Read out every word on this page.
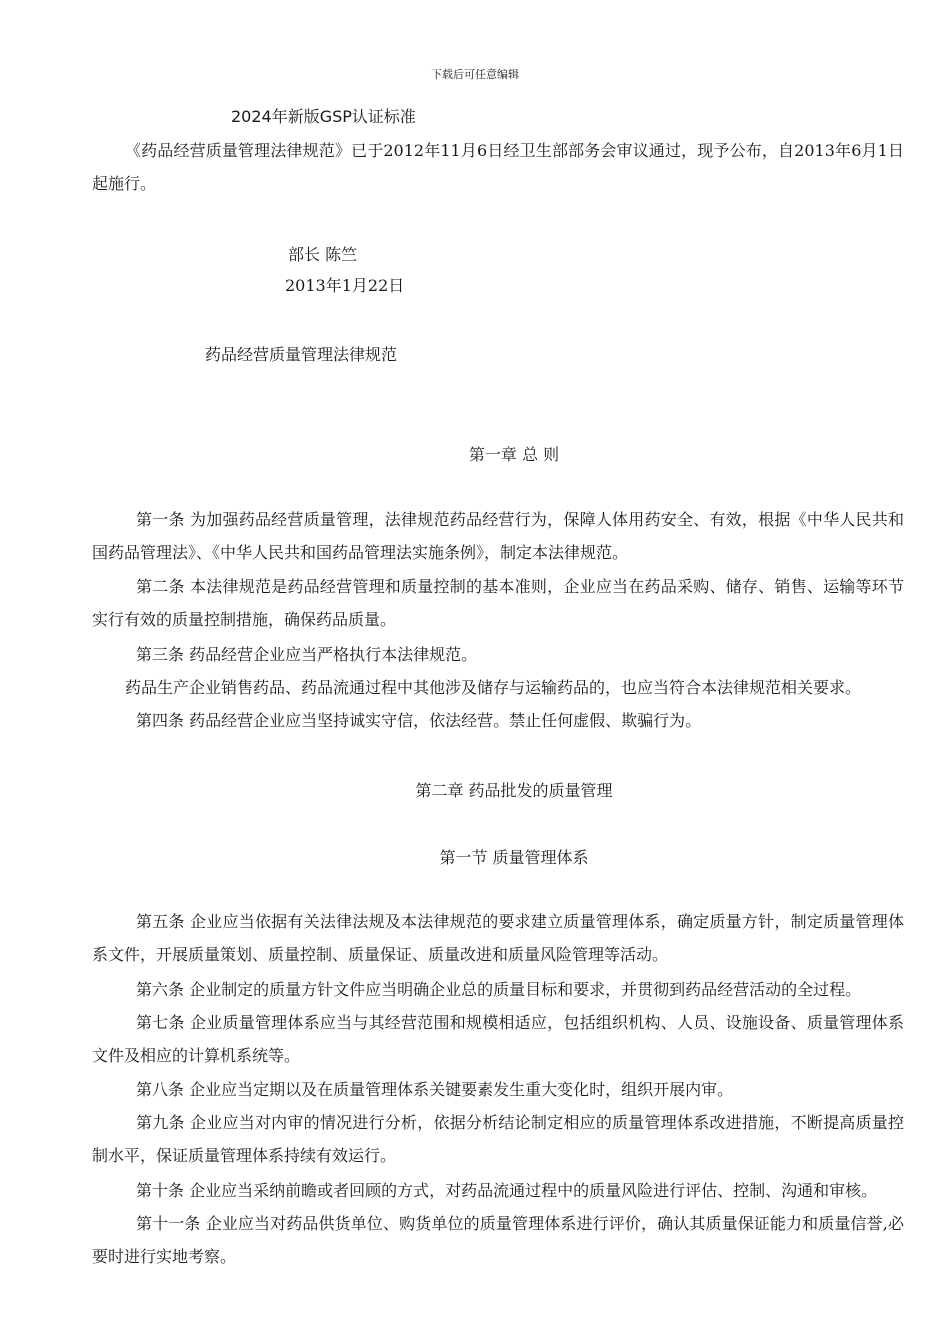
下载后可任意编辑
2024年新版GSP认证标准

《药品经营质量管理法律规范》已于2012年11月6日经卫生部部务会审议通过，现予公布，自2013年6月1日起施行。

部长 陈竺
2013年1月22日
药品经营质量管理法律规范
第一章 总 则

第一条 为加强药品经营质量管理，法律规范药品经营行为，保障人体用药安全、有效，根据《中华人民共和国药品管理法》、《中华人民共和国药品管理法实施条例》，制定本法律规范。

第二条 本法律规范是药品经营管理和质量控制的基本准则，企业应当在药品采购、储存、销售、运输等环节实行有效的质量控制措施，确保药品质量。

第三条 药品经营企业应当严格执行本法律规范。

药品生产企业销售药品、药品流通过程中其他涉及储存与运输药品的，也应当符合本法律规范相关要求。

第四条 药品经营企业应当坚持诚实守信，依法经营。禁止任何虚假、欺骗行为。

第二章 药品批发的质量管理
第一节 质量管理体系

第五条 企业应当依据有关法律法规及本法律规范的要求建立质量管理体系，确定质量方针，制定质量管理体系文件，开展质量策划、质量控制、质量保证、质量改进和质量风险管理等活动。

第六条 企业制定的质量方针文件应当明确企业总的质量目标和要求，并贯彻到药品经营活动的全过程。

第七条 企业质量管理体系应当与其经营范围和规模相适应，包括组织机构、人员、设施设备、质量管理体系文件及相应的计算机系统等。

第八条 企业应当定期以及在质量管理体系关键要素发生重大变化时，组织开展内审。

第九条 企业应当对内审的情况进行分析，依据分析结论制定相应的质量管理体系改进措施，不断提高质量控制水平，保证质量管理体系持续有效运行。

第十条 企业应当采纳前瞻或者回顾的方式，对药品流通过程中的质量风险进行评估、控制、沟通和审核。

第十一条 企业应当对药品供货单位、购货单位的质量管理体系进行评价，确认其质量保证能力和质量信誉,必要时进行实地考察。
